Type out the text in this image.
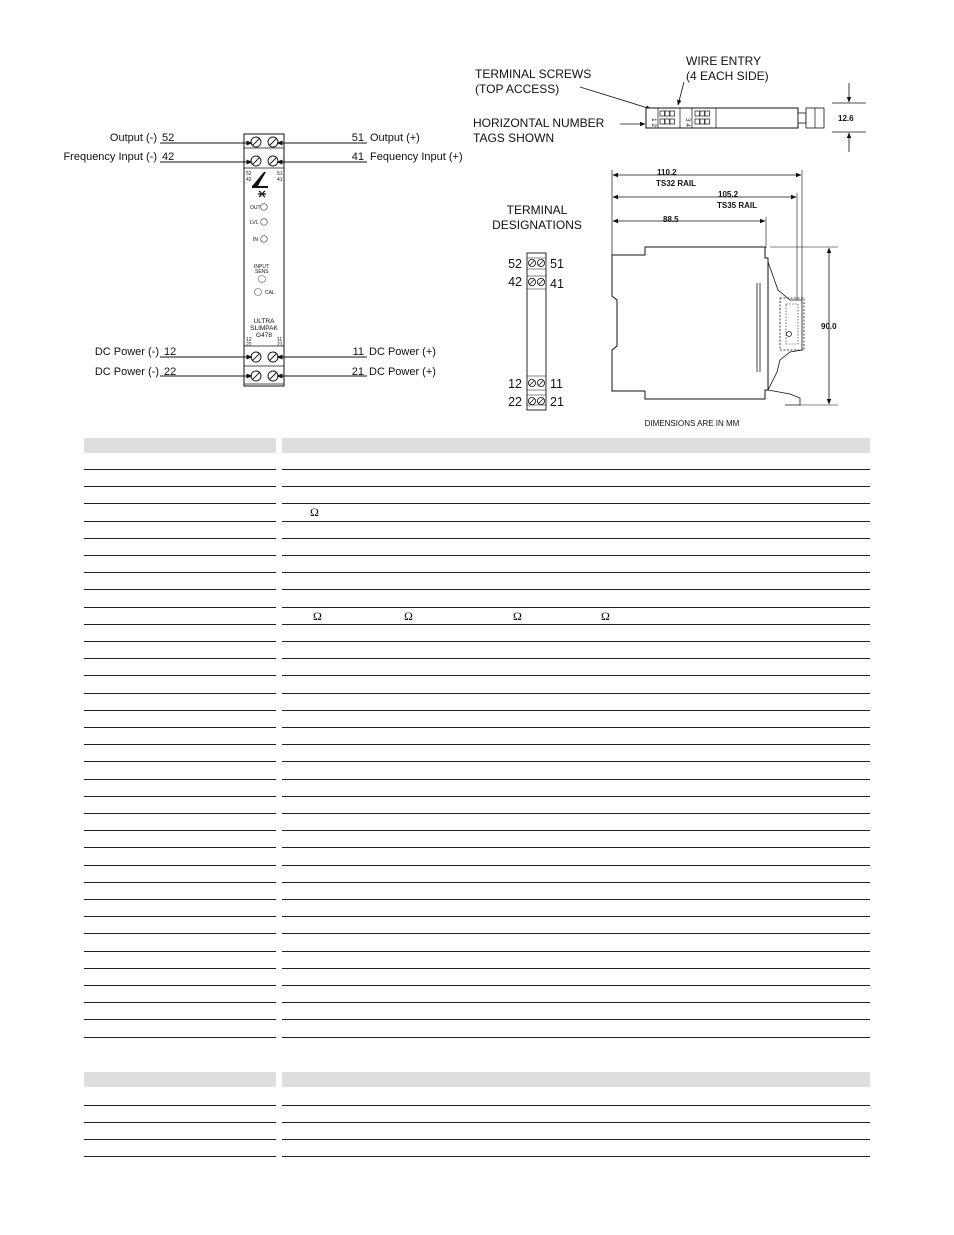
52
42
51
41
OUT
LVL
IN
INPUT
SENS
CAL
ULTRA
SLIMPAK
G478
12
22
11
21
Output (-) 52
Frequency Input (-) 42
DC Power (-) 12
DC Power (-) 22
51 Output (+)
41 Fequency Input (+)
11 DC Power (+)
21 DC Power (+)
TERMINAL SCREWS
(TOP ACCESS)
WIRE ENTRY
(4 EACH SIDE)
HORIZONTAL NUMBER
TAGS SHOWN
1 2	3 4	12.6
TERMINAL
DESIGNATIONS
52 51
42 41
12 11
22 21
110.2
TS32 RAIL
105.2
TS35 RAIL
88.5
90.0
DIMENSIONS ARE IN MM
Ω
Ω	Ω	Ω	Ω
